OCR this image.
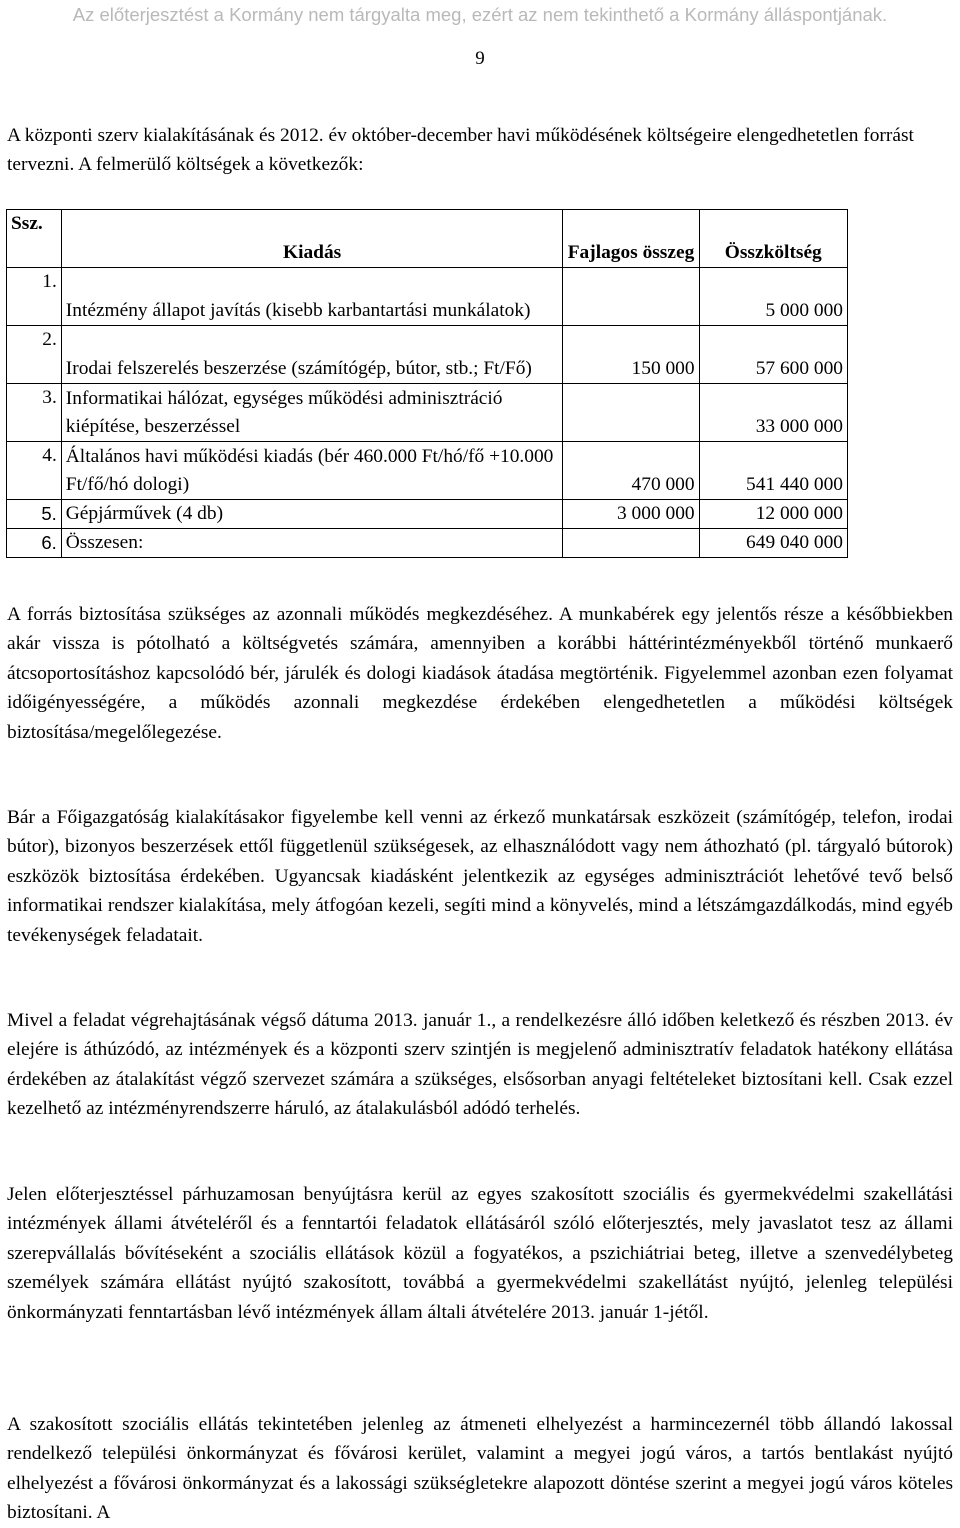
Az előterjesztést a Kormány nem tárgyalta meg, ezért az nem tekinthető a Kormány álláspontjának.
9

A központi szerv kialakításának és 2012. év október-december havi működésének költségeire elengedhetetlen forrást tervezni. A felmerülő költségek a következők:

Ssz.	Kiadás	Fajlagos összeg	Összköltség
1.	Intézmény állapot javítás (kisebb karbantartási munkálatok)		5 000 000
2.	Irodai felszerelés beszerzése (számítógép, bútor, stb.; Ft/Fő)	150 000	57 600 000
3.	Informatikai hálózat, egységes működési adminisztráció kiépítése, beszerzéssel		33 000 000
4.	Általános havi működési kiadás (bér 460.000 Ft/hó/fő +10.000 Ft/fő/hó dologi)	470 000	541 440 000
5.	Gépjárművek (4 db)	3 000 000	12 000 000
6.	Összesen:		649 040 000

A forrás biztosítása szükséges az azonnali működés megkezdéséhez. A munkabérek egy jelentős része a későbbiekben akár vissza is pótolható a költségvetés számára, amennyiben a korábbi háttérintézményekből történő munkaerő átcsoportosításhoz kapcsolódó bér, járulék és dologi kiadások átadása megtörténik. Figyelemmel azonban ezen folyamat időigényességére, a működés azonnali megkezdése érdekében elengedhetetlen a működési költségek biztosítása/megelőlegezése.

Bár a Főigazgatóság kialakításakor figyelembe kell venni az érkező munkatársak eszközeit (számítógép, telefon, irodai bútor), bizonyos beszerzések ettől függetlenül szükségesek, az elhasználódott vagy nem áthozható (pl. tárgyaló bútorok) eszközök biztosítása érdekében. Ugyancsak kiadásként jelentkezik az egységes adminisztrációt lehetővé tevő belső informatikai rendszer kialakítása, mely átfogóan kezeli, segíti mind a könyvelés, mind a létszámgazdálkodás, mind egyéb tevékenységek feladatait.

Mivel a feladat végrehajtásának végső dátuma 2013. január 1., a rendelkezésre álló időben keletkező és részben 2013. év elejére is áthúzódó, az intézmények és a központi szerv szintjén is megjelenő adminisztratív feladatok hatékony ellátása érdekében az átalakítást végző szervezet számára a szükséges, elsősorban anyagi feltételeket biztosítani kell. Csak ezzel kezelhető az intézményrendszerre háruló, az átalakulásból adódó terhelés.

Jelen előterjesztéssel párhuzamosan benyújtásra kerül az egyes szakosított szociális és gyermekvédelmi szakellátási intézmények állami átvételéről és a fenntartói feladatok ellátásáról szóló előterjesztés, mely javaslatot tesz az állami szerepvállalás bővítéseként a szociális ellátások közül a fogyatékos, a pszichiátriai beteg, illetve a szenvedélybeteg személyek számára ellátást nyújtó szakosított, továbbá a gyermekvédelmi szakellátást nyújtó, jelenleg települési önkormányzati fenntartásban lévő intézmények állam általi átvételére 2013. január 1-jétől.

A szakosított szociális ellátás tekintetében jelenleg az átmeneti elhelyezést a harmincezernél több állandó lakossal rendelkező települési önkormányzat és fővárosi kerület, valamint a megyei jogú város, a tartós bentlakást nyújtó elhelyezést a fővárosi önkormányzat és a lakossági szükségletekre alapozott döntése szerint a megyei jogú város köteles biztosítani. A
